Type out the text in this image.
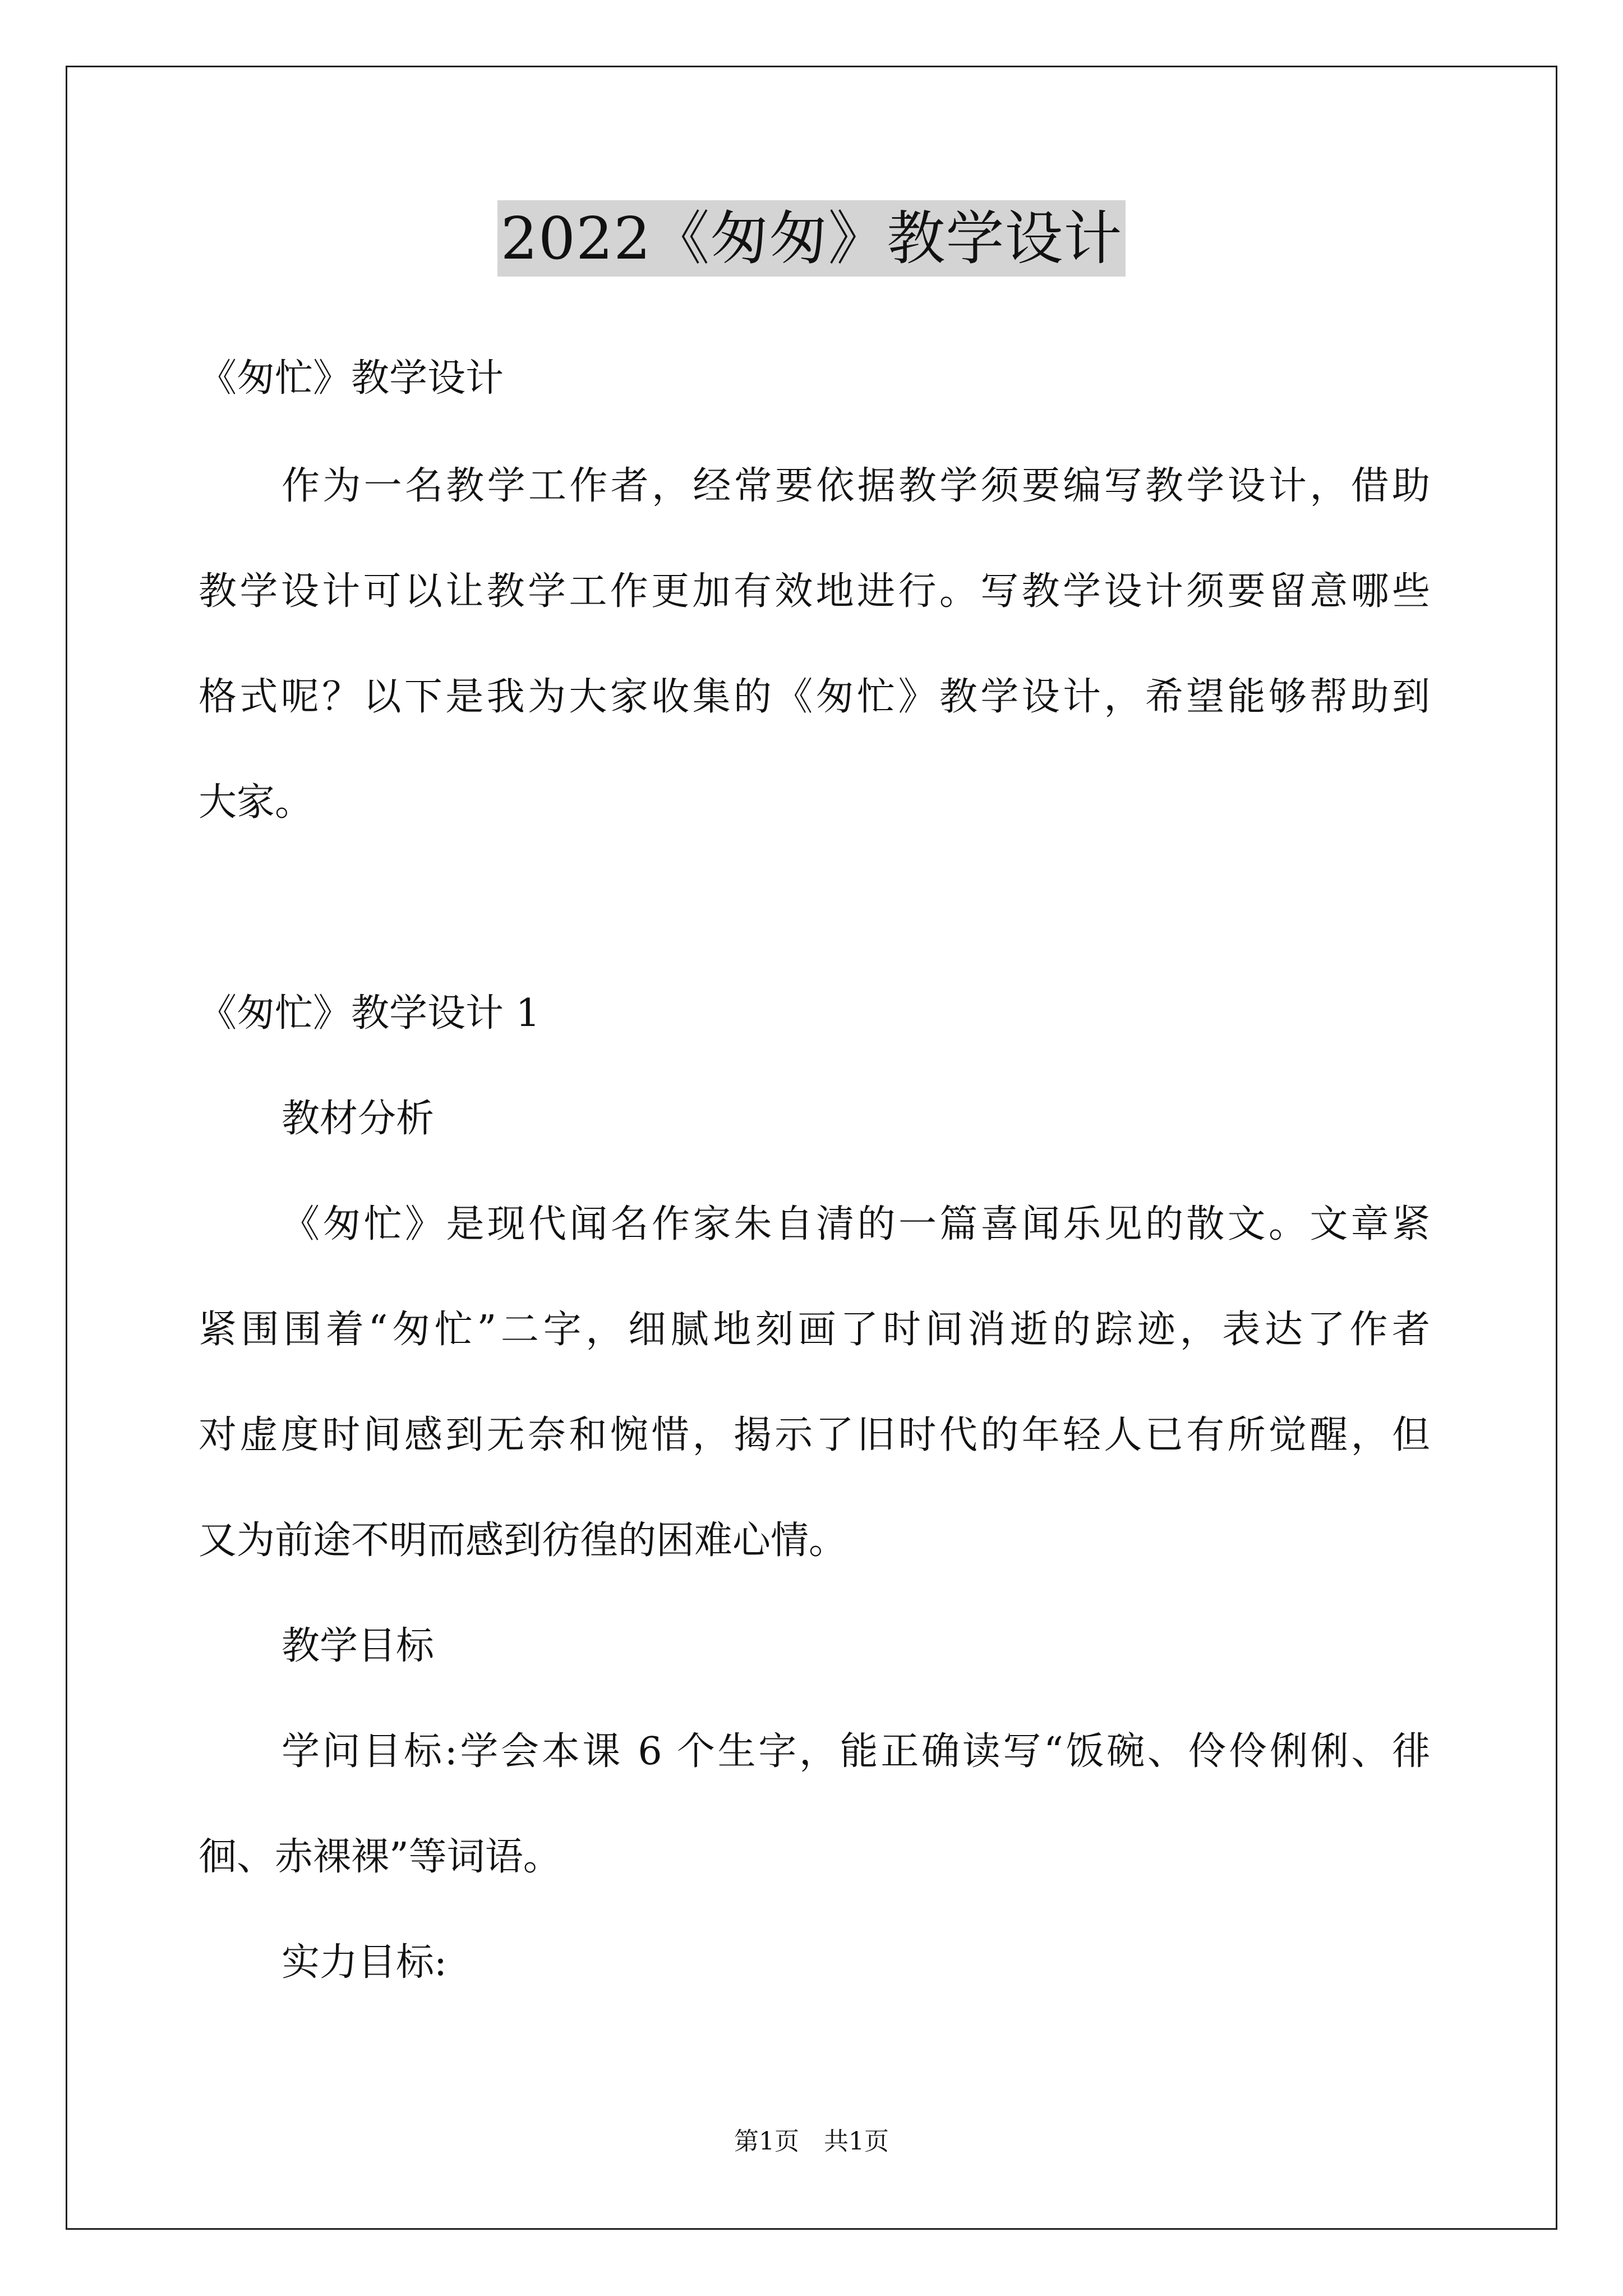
2022《匆匆》教学设计
《匆忙》教学设计
作为一名教学工作者，经常要依据教学须要编写教学设计，借助
教学设计可以让教学工作更加有效地进行。写教学设计须要留意哪些
格式呢？以下是我为大家收集的《匆忙》教学设计，希望能够帮助到
大家。
《匆忙》教学设计 1
教材分析
《匆忙》是现代闻名作家朱自清的一篇喜闻乐见的散文。文章紧
紧围围着“匆忙”二字，细腻地刻画了时间消逝的踪迹，表达了作者
对虚度时间感到无奈和惋惜，揭示了旧时代的年轻人已有所觉醒，但
又为前途不明而感到彷徨的困难心情。
教学目标
学问目标:学会本课 6 个生字，能正确读写“饭碗、伶伶俐俐、徘
徊、赤裸裸”等词语。
实力目标:
第1页　共1页
